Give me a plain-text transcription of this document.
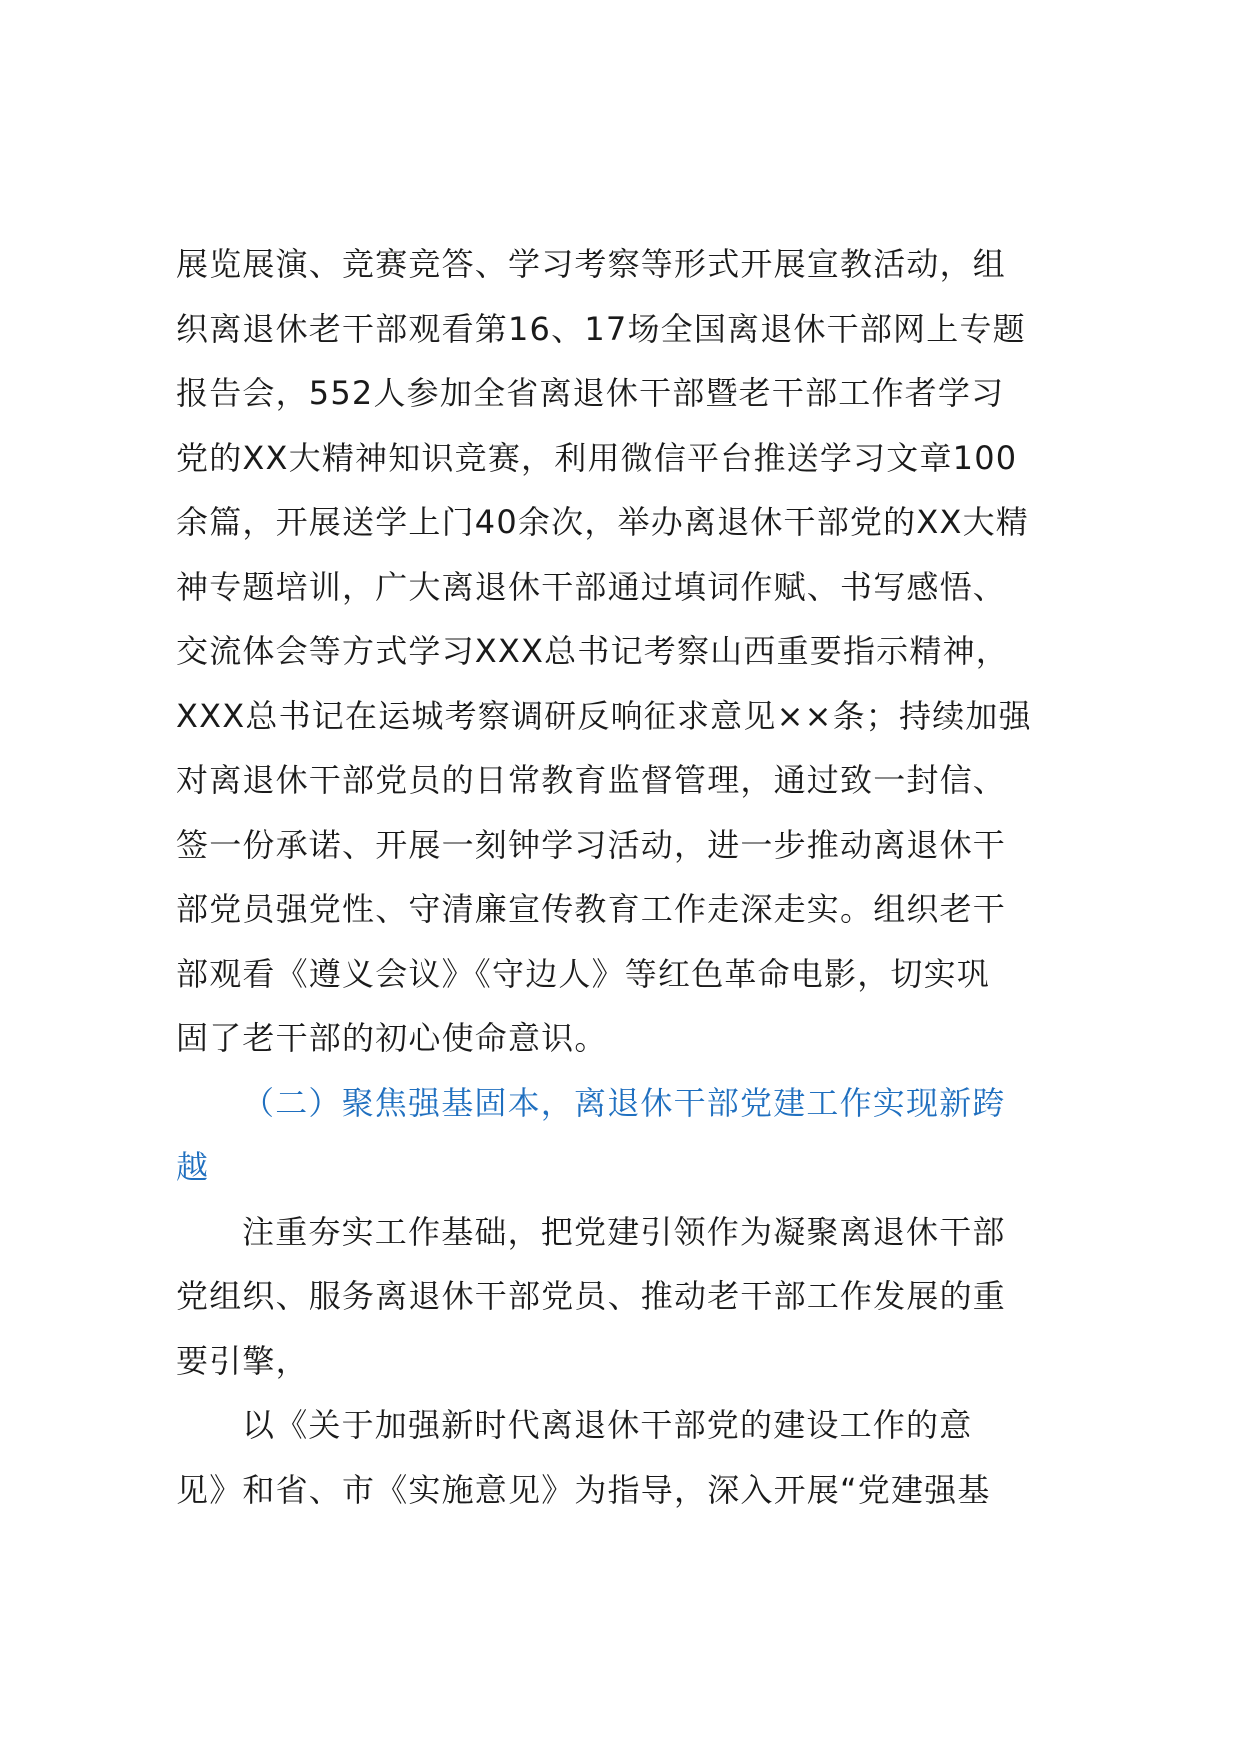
展览展演、竞赛竞答、学习考察等形式开展宣教活动，组
织离退休老干部观看第16、17场全国离退休干部网上专题
报告会，552人参加全省离退休干部暨老干部工作者学习
党的XX大精神知识竞赛，利用微信平台推送学习文章100
余篇，开展送学上门40余次，举办离退休干部党的XX大精
神专题培训，广大离退休干部通过填词作赋、书写感悟、
交流体会等方式学习XXX总书记考察山西重要指示精神，
XXX总书记在运城考察调研反响征求意见××条；持续加强
对离退休干部党员的日常教育监督管理，通过致一封信、
签一份承诺、开展一刻钟学习活动，进一步推动离退休干
部党员强党性、守清廉宣传教育工作走深走实。组织老干
部观看《遵义会议》《守边人》等红色革命电影，切实巩
固了老干部的初心使命意识。
（二）聚焦强基固本，离退休干部党建工作实现新跨
越
注重夯实工作基础，把党建引领作为凝聚离退休干部
党组织、服务离退休干部党员、推动老干部工作发展的重
要引擎，
以《关于加强新时代离退休干部党的建设工作的意
见》和省、市《实施意见》为指导，深入开展“党建强基
